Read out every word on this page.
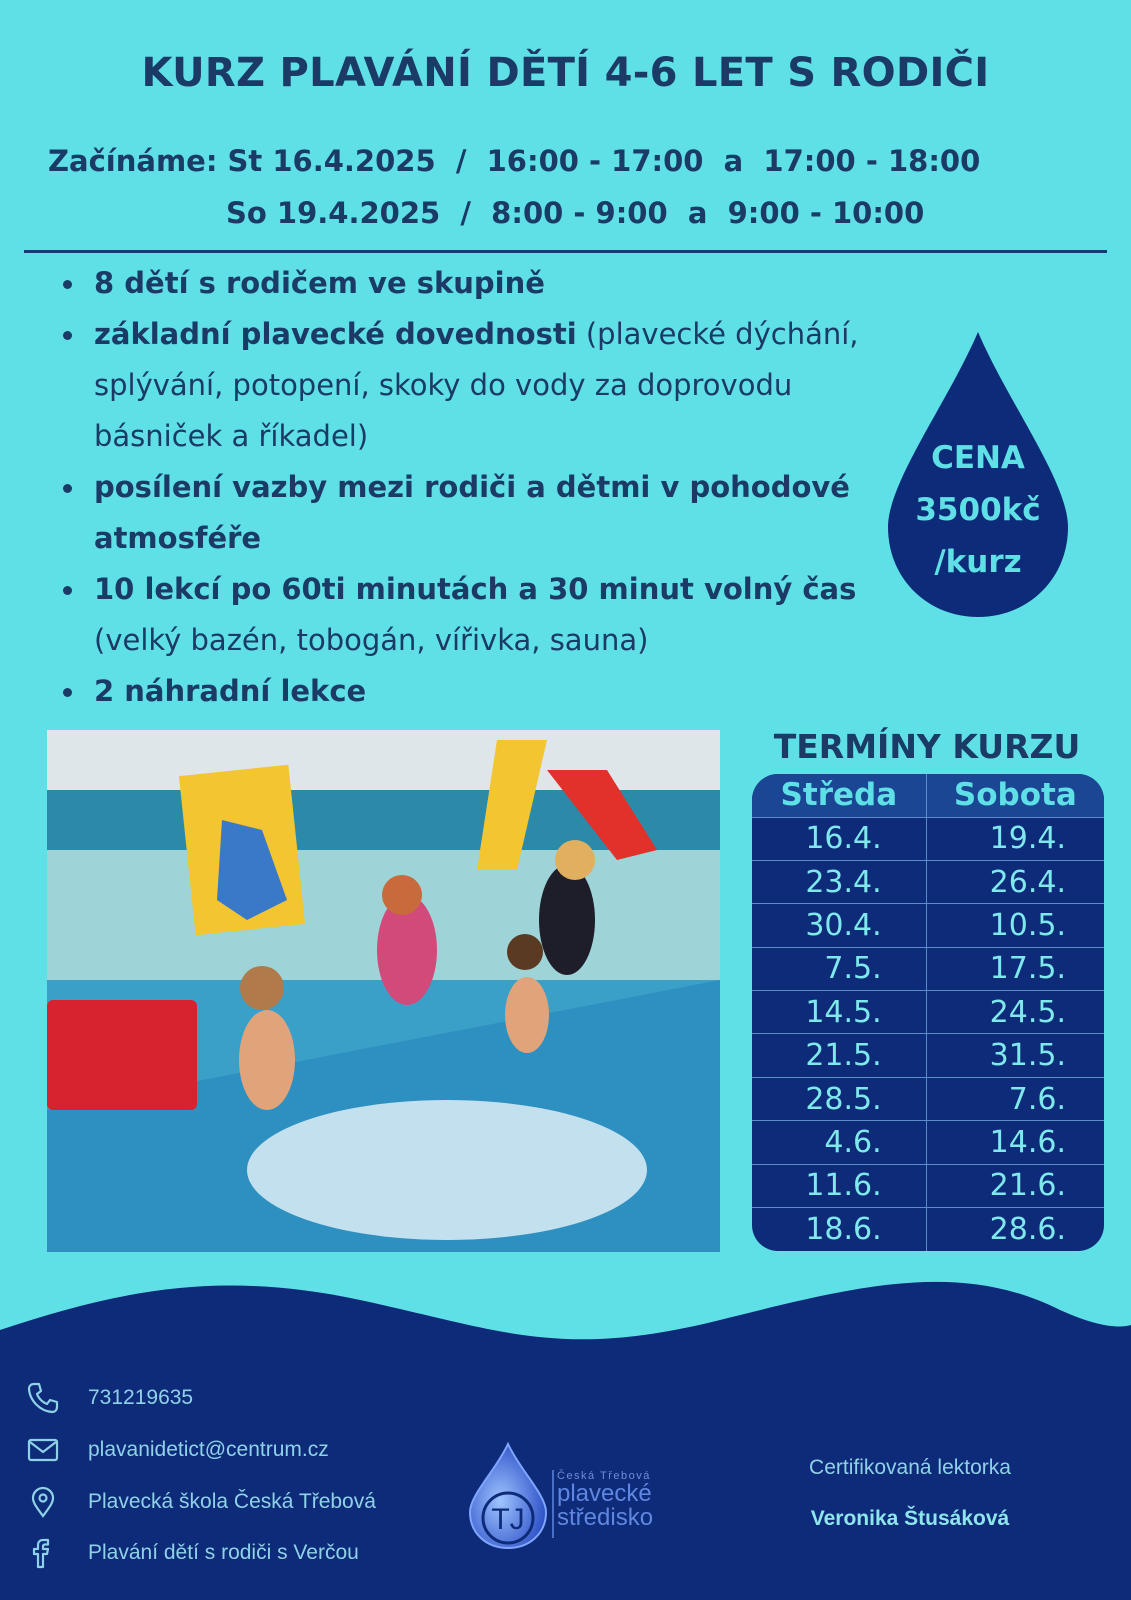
KURZ PLAVÁNÍ DĚTÍ 4-6 LET S RODIČI
Začínáme: St 16.4.2025  /  16:00 - 17:00  a  17:00 - 18:00
So 19.4.2025  /  8:00 - 9:00  a  9:00 - 10:00
8 dětí s rodičem ve skupině
základní plavecké dovednosti (plavecké dýchání, splývání, potopení, skoky do vody za doprovodu básniček a říkadel)
posílení vazby mezi rodiči a dětmi v pohodové atmosféře
10 lekcí po 60ti minutách a 30 minut volný čas (velký bazén, tobogán, vířivka, sauna)
2 náhradní lekce
CENA
3500kč
/kurz
TERMÍNY KURZU
Středa	Sobota
16.4.	19.4.
23.4.	26.4.
30.4.	10.5.
7.5.	17.5.
14.5.	24.5.
21.5.	31.5.
28.5.	7.6.
4.6.	14.6.
11.6.	21.6.
18.6.	28.6.
731219635
plavanidetict@centrum.cz
Plavecká škola Česká Třebová
Plavání dětí s rodiči s Verčou
TJ
Česká Třebová
plavecké
středisko
Certifikovaná lektorka
Veronika Štusáková
